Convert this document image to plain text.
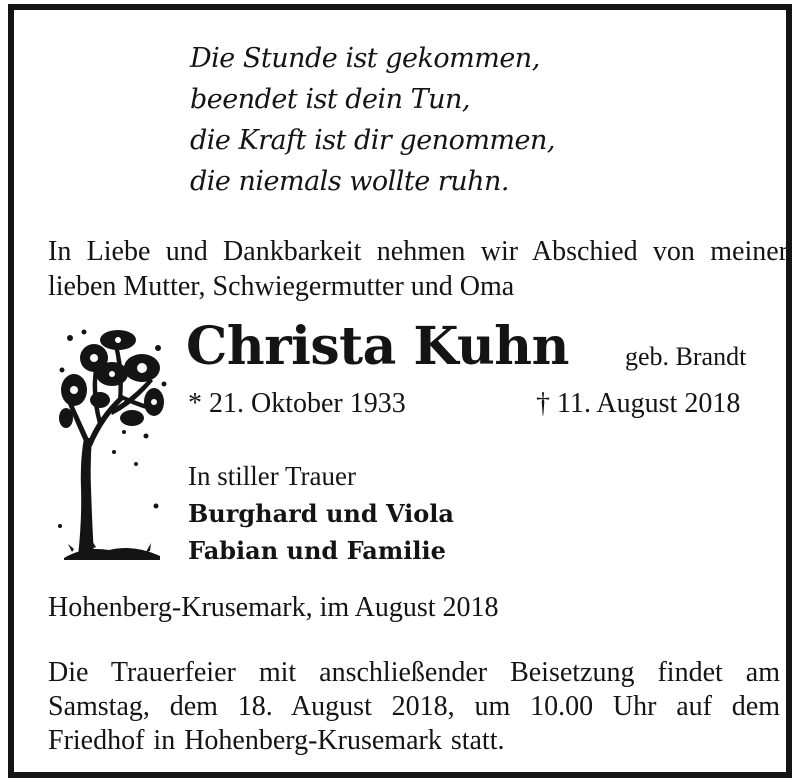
Die Stunde ist gekommen,
beendet ist dein Tun,
die Kraft ist dir genommen,
die niemals wollte ruhn.
In Liebe und Dankbarkeit nehmen wir Abschied von meiner
lieben Mutter, Schwiegermutter und Oma
Christa Kuhn geb. Brandt
* 21. Oktober 1933	† 11. August 2018
In stiller Trauer
Burghard und Viola
Fabian und Familie
Hohenberg-Krusemark, im August 2018
Die Trauerfeier mit anschließender Beisetzung findet am
Samstag, dem 18. August 2018, um 10.00 Uhr auf dem
Friedhof in Hohenberg-Krusemark statt.
